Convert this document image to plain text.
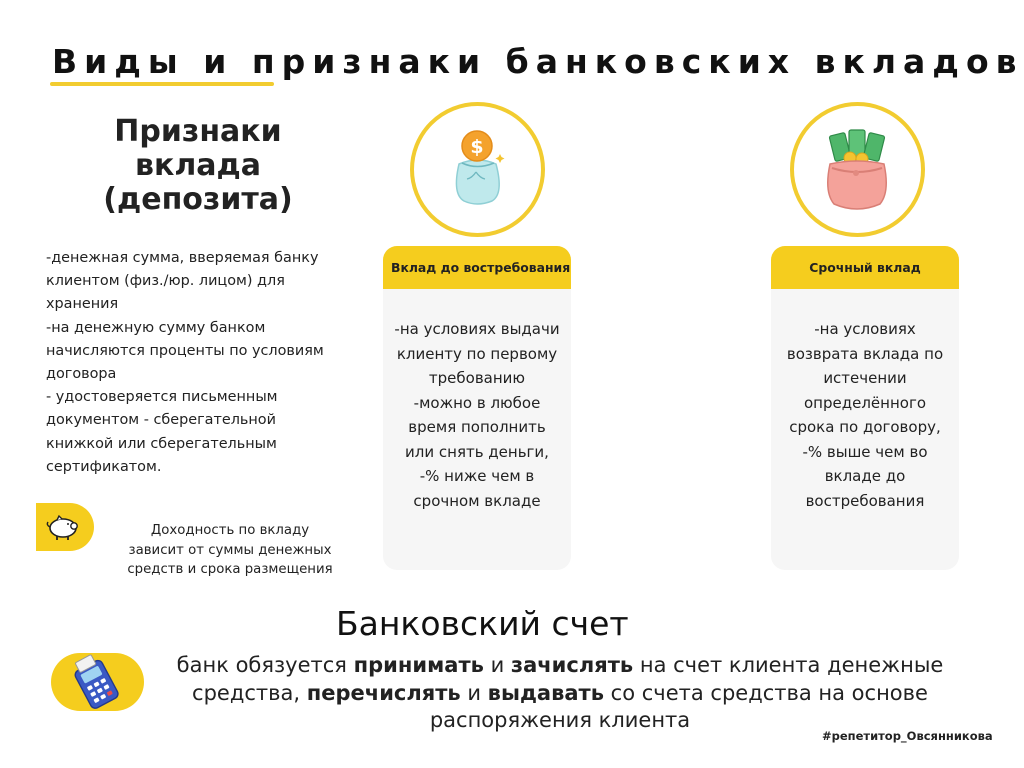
Виды и признаки банковских вкладов
Признаки
вклада
(депозита)

-денежная сумма, вверяемая банку клиентом (физ./юр. лицом) для хранения

-на денежную сумму банком начисляются проценты по условиям договора

- удостоверяется письменным документом - сберегательной книжкой или сберегательным сертификатом.

Доходность по вкладу
зависит от суммы денежных
средств и срока размещения
$
Вклад до востребования

-на условиях выдачи

клиенту по первому

требованию

-можно в любое

время пополнить

или снять деньги,

-% ниже чем в

срочном вкладе

Срочный вклад

-на условиях

возврата вклада по

истечении

определённого

срока по договору,

-% выше чем во

вкладе до

востребования

Банковский счет
банк обязуется принимать и зачислять на счет клиента денежные средства, перечислять и выдавать со счета средства на основе распоряжения клиента
#репетитор_Овсянникова
